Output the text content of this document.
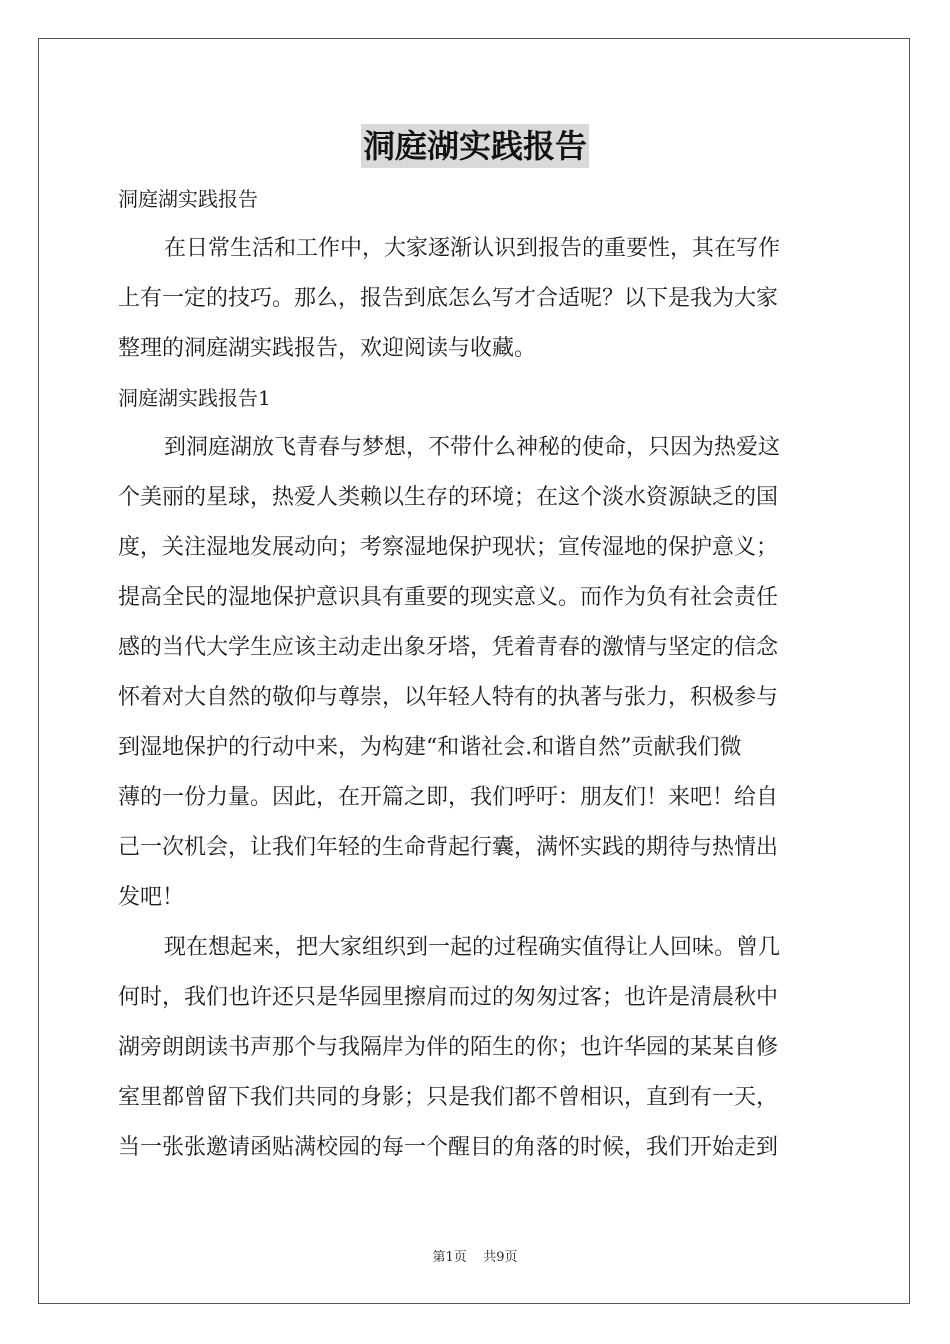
洞庭湖实践报告
洞庭湖实践报告
在日常生活和工作中，大家逐渐认识到报告的重要性，其在写作
上有一定的技巧。那么，报告到底怎么写才合适呢？以下是我为大家
整理的洞庭湖实践报告，欢迎阅读与收藏。
洞庭湖实践报告1
到洞庭湖放飞青春与梦想，不带什么神秘的使命，只因为热爱这
个美丽的星球，热爱人类赖以生存的环境；在这个淡水资源缺乏的国
度，关注湿地发展动向；考察湿地保护现状；宣传湿地的保护意义；
提高全民的湿地保护意识具有重要的现实意义。而作为负有社会责任
感的当代大学生应该主动走出象牙塔，凭着青春的激情与坚定的信念
怀着对大自然的敬仰与尊崇，以年轻人特有的执著与张力，积极参与
到湿地保护的行动中来，为构建“和谐社会.和谐自然”贡献我们微
薄的一份力量。因此，在开篇之即，我们呼吁：朋友们！来吧！给自
己一次机会，让我们年轻的生命背起行囊，满怀实践的期待与热情出
发吧！
现在想起来，把大家组织到一起的过程确实值得让人回味。曾几
何时，我们也许还只是华园里擦肩而过的匆匆过客；也许是清晨秋中
湖旁朗朗读书声那个与我隔岸为伴的陌生的你；也许华园的某某自修
室里都曾留下我们共同的身影；只是我们都不曾相识，直到有一天，
当一张张邀请函贴满校园的每一个醒目的角落的时候，我们开始走到
第1页 共9页
